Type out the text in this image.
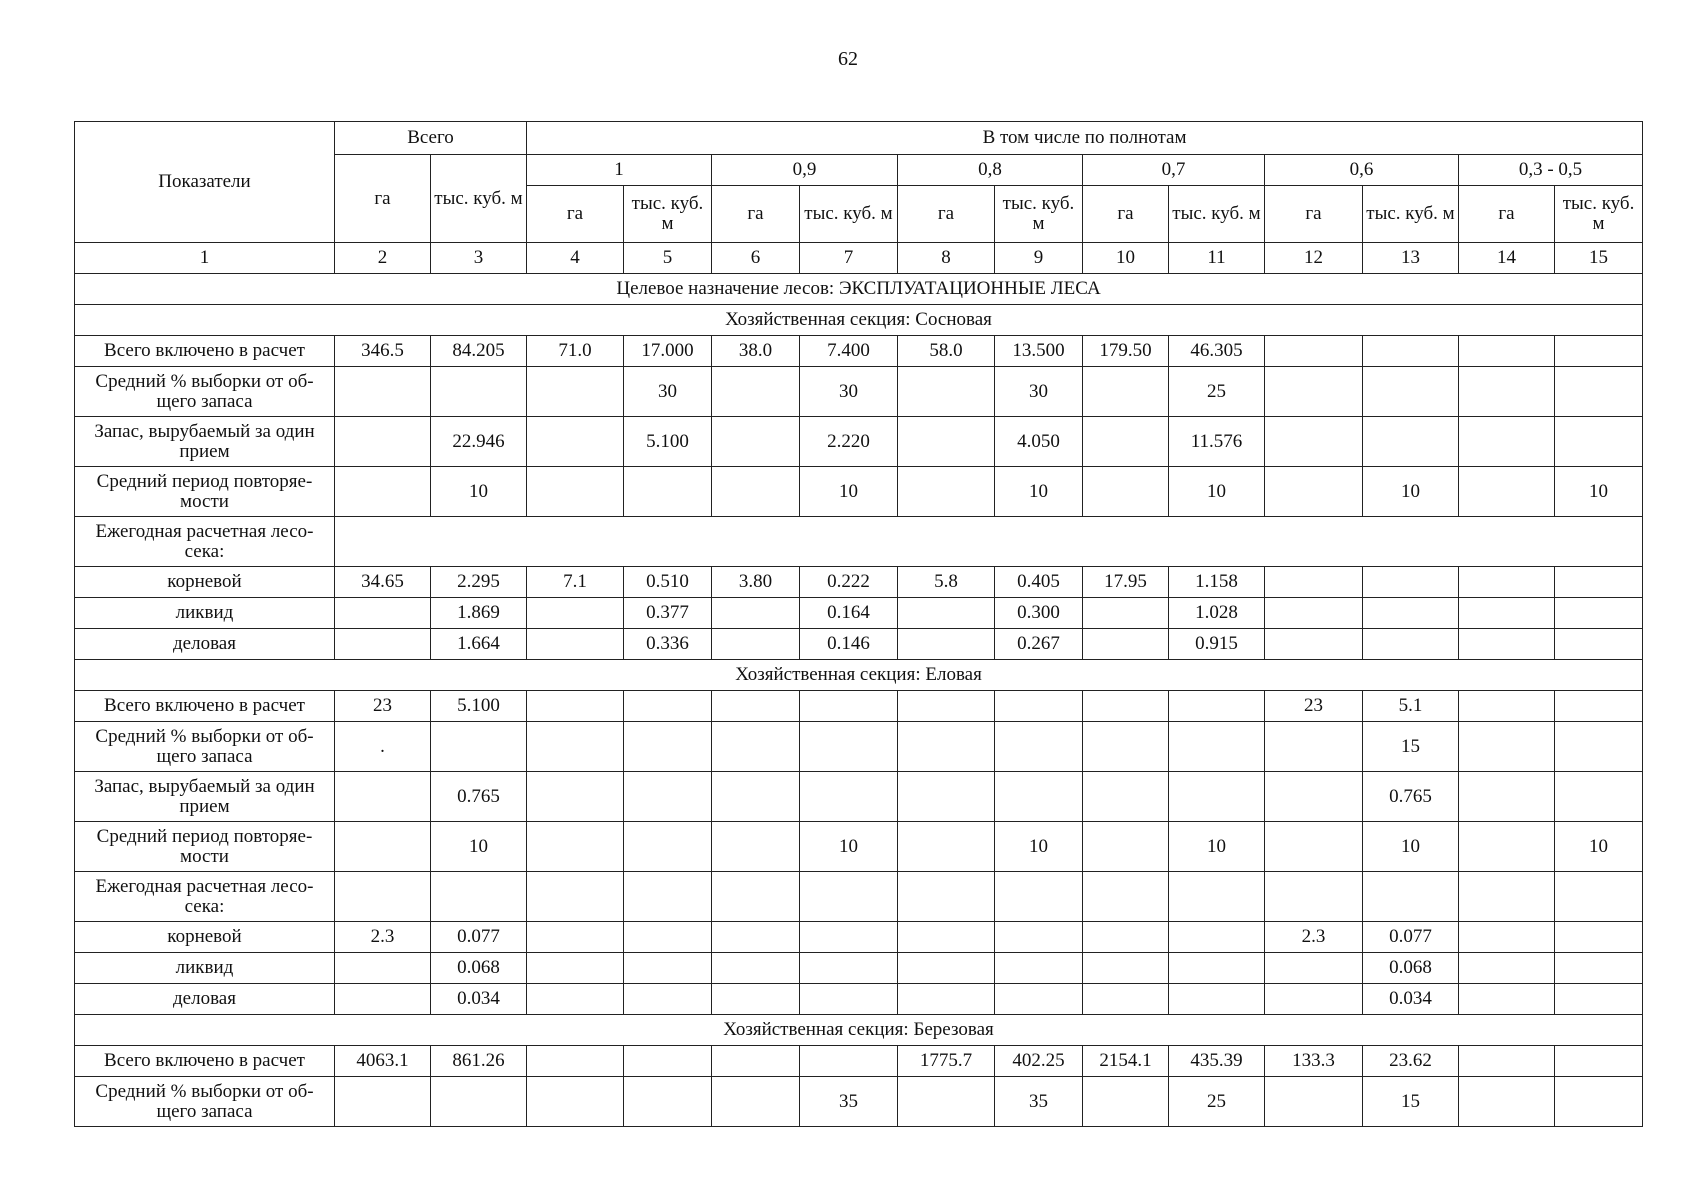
62
Показатели	Всего		В том числе по полнотам											
	га	тыс. куб. м	1		0,9		0,8		0,7		0,6		0,3 - 0,5	
			га	тыс. куб. м	га	тыс. куб. м	га	тыс. куб. м	га	тыс. куб. м	га	тыс. куб. м	га	тыс. куб. м
1	2	3	4	5	6	7	8	9	10	11	12	13	14	15
Целевое назначение лесов: ЭКСПЛУАТАЦИОННЫЕ ЛЕСА														
Хозяйственная секция: Сосновая														
Всего включено в расчет	346.5	84.205	71.0	17.000	38.0	7.400	58.0	13.500	179.50	46.305				
Средний % выборки от об-щего запаса				30		30		30		25				
Запас, вырубаемый за один прием		22.946		5.100		2.220		4.050		11.576				
Средний период повторяе-мости		10				10		10		10		10		10
Ежегодная расчетная лесо-сека:														
корневой	34.65	2.295	7.1	0.510	3.80	0.222	5.8	0.405	17.95	1.158				
ликвид		1.869		0.377		0.164		0.300		1.028				
деловая		1.664		0.336		0.146		0.267		0.915				
Хозяйственная секция: Еловая														
Всего включено в расчет	23	5.100									23	5.1		
Средний % выборки от об-щего запаса	.											15		
Запас, вырубаемый за один прием		0.765										0.765		
Средний период повторяе-мости		10				10		10		10		10		10
Ежегодная расчетная лесо-сека:														
корневой	2.3	0.077									2.3	0.077		
ликвид		0.068										0.068		
деловая		0.034										0.034		
Хозяйственная секция: Березовая														
Всего включено в расчет	4063.1	861.26					1775.7	402.25	2154.1	435.39	133.3	23.62		
Средний % выборки от об-щего запаса						35		35		25		15		
